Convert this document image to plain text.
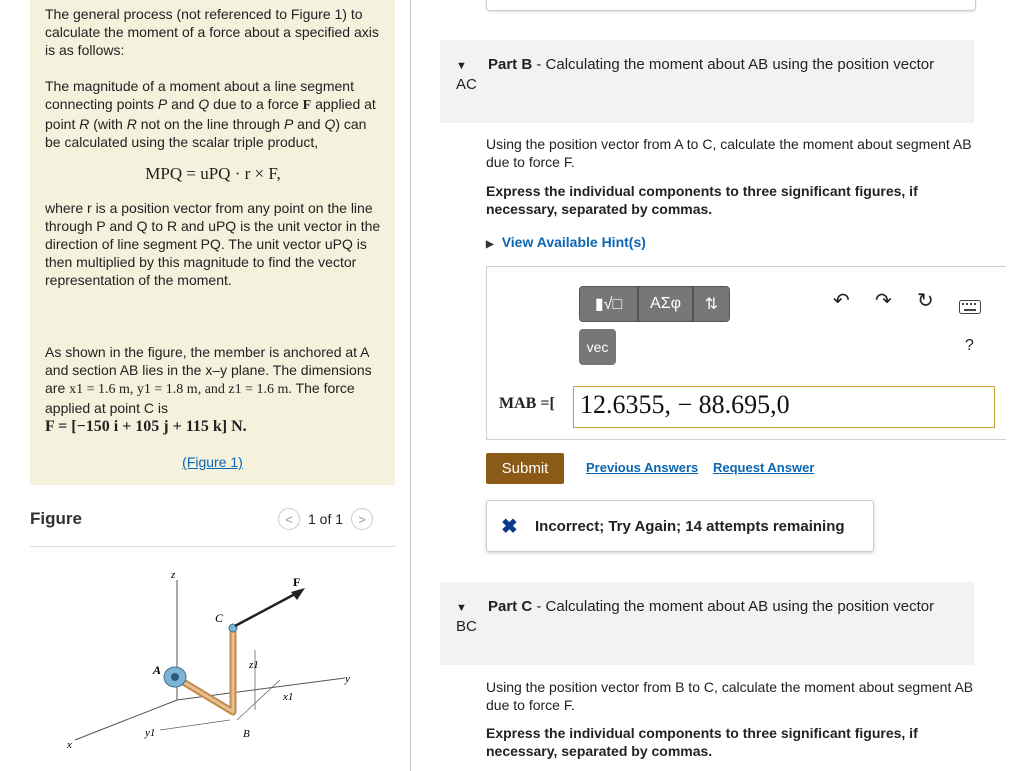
The general process (not referenced to Figure 1) to calculate the moment of a force about a specified axis is as follows:

The magnitude of a moment about a line segment connecting points P and Q due to a force F applied at point R (with R not on the line through P and Q) can be calculated using the scalar triple product,

MPQ = uPQ · r × F,

where r is a position vector from any point on the line through P and Q to R and uPQ is the unit vector in the direction of line segment PQ. The unit vector uPQ is then multiplied by this magnitude to find the vector representation of the moment.

As shown in the figure, the member is anchored at A and section AB lies in the x–y plane. The dimensions are x1 = 1.6 m, y1 = 1.8 m, and z1 = 1.6 m. The force applied at point C is
F = [−150 i + 105 j + 115 k] N.

(Figure 1)
Figure	<	1 of 1	>
z	F
C
z1
A
y
x1
y1	B
x
▼ Part B - Calculating the moment about AB using the position vector
AC
Using the position vector from A to C, calculate the moment about segment AB due to force F.
Express the individual components to three significant figures, if necessary, separated by commas.
▶ View Available Hint(s)
▮√□	ΑΣφ	⇅
vec
↶ ↷ ↻
?
MAB =[ 12.6355, − 88.695,0
Submit	Previous Answers Request Answer
✖ Incorrect; Try Again; 14 attempts remaining
▼ Part C - Calculating the moment about AB using the position vector
BC
Using the position vector from B to C, calculate the moment about segment AB due to force F.
Express the individual components to three significant figures, if necessary, separated by commas.
